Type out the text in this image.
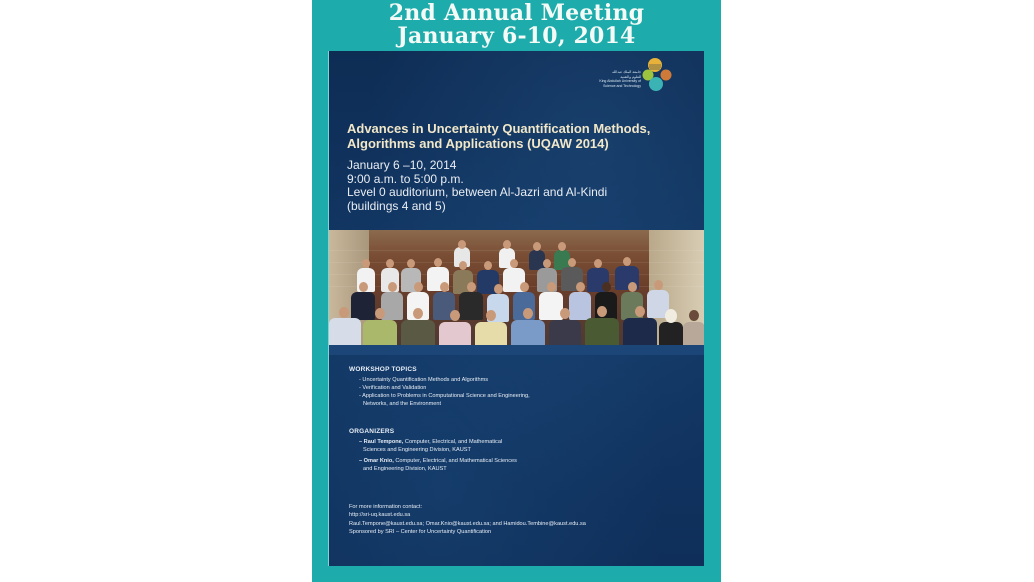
2nd Annual Meeting
January 6-10, 2014
جامعة الملك عبدالله
للعلوم والتقنية
King Abdullah University of
Science and Technology
Advances in Uncertainty Quantification Methods,
Algorithms and Applications (UQAW 2014)
January 6 –10, 2014
9:00 a.m. to 5:00 p.m.
Level 0 auditorium, between Al-Jazri and Al-Kindi
(buildings 4 and 5)
WORKSHOP TOPICS
- Uncertainty Quantification Methods and Algorithms
- Verification and Validation
- Application to Problems in Computational Science and Engineering,
Networks, and the Environment
ORGANIZERS
– Raul Tempone, Computer, Electrical, and Mathematical
Sciences and Engineering Division, KAUST
– Omar Knio, Computer, Electrical, and Mathematical Sciences
and Engineering Division, KAUST
For more information contact:
http://sri-uq.kaust.edu.sa
Raul.Tempone@kaust.edu.sa; Omar.Knio@kaust.edu.sa; and Hamidou.Tembine@kaust.edu.sa
Sponsored by SRI – Center for Uncertainty Quantification
